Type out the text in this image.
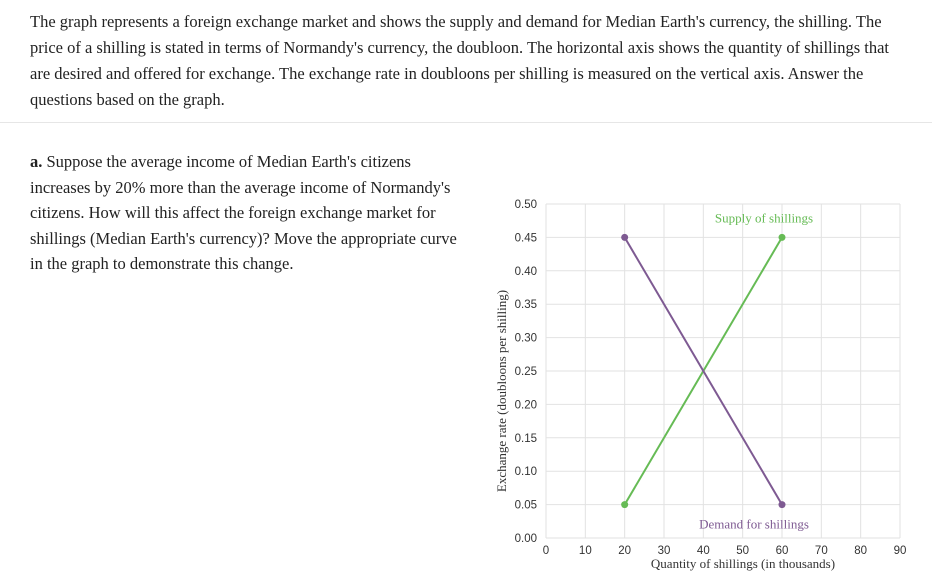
The graph represents a foreign exchange market and shows the supply and demand for Median Earth's currency, the shilling. The price of a shilling is stated in terms of Normandy's currency, the doubloon. The horizontal axis shows the quantity of shillings that are desired and offered for exchange. The exchange rate in doubloons per shilling is measured on the vertical axis. Answer the questions based on the graph.

a. Suppose the average income of Median Earth's citizens increases by 20% more than the average income of Normandy's citizens. How will this affect the foreign exchange market for shillings (Median Earth's currency)? Move the appropriate curve in the graph to demonstrate this change.

0.00
0.05
0.10
0.15
0.20
0.25
0.30
0.35
0.40
0.45
0.50
0	10 20 30 40 50 60 70 80 90
Exchange rate (doubloons per shilling)
Quantity of shillings (in thousands)
Supply of shillings
Demand for shillings
